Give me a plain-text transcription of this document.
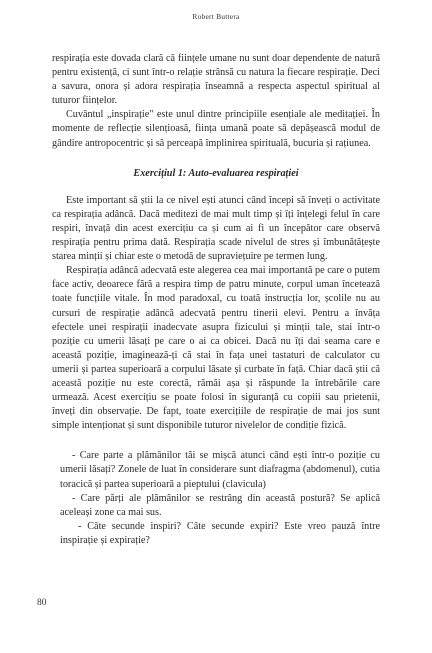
Robert Buttera

respirația este dovada clară că ființele umane nu sunt doar dependente de natură pentru existență, ci sunt într-o relație strânsă cu natura la fiecare respirație. Deci a savura, onora și adora respirația înseamnă a respecta aspectul spiritual al tuturor ființelor.

Cuvântul „inspirație" este unul dintre principiile esențiale ale meditației. În momente de reflecție silențioasă, ființa umană poate să depășească modul de gândire antropocentric și să perceapă împlinirea spirituală, bucuria și rațiunea.

Exercițiul 1: Auto-evaluarea respirației

Este important să știi la ce nivel ești atunci când începi să înveți o activitate ca respirația adâncă. Dacă meditezi de mai mult timp și îți înțelegi felul în care respiri, învață din acest exercițiu ca și cum ai fi un începător care observă respirația pentru prima dată. Respirația scade nivelul de stres și îmbunătățește starea minții și chiar este o metodă de supraviețuire pe termen lung.

Respirația adâncă adecvată este alegerea cea mai importantă pe care o putem face activ, deoarece fără a respira timp de patru minute, corpul uman încetează toate funcțiile vitale. În mod paradoxal, cu toată instrucția lor, școlile nu au cursuri de respirație adâncă adecvată pentru tinerii elevi. Pentru a învăța efectele unei respirații inadecvate asupra fizicului și minții tale, stai într-o poziție cu umerii lăsați pe care o ai ca obicei. Dacă nu îți dai seama care e această poziție, imaginează-ți că stai în fața unei tastaturi de calculator cu umerii și partea superioară a corpului lăsate și curbate în față. Chiar dacă știi că această poziție nu este corectă, rămâi așa și răspunde la întrebările care urmează. Acest exercițiu se poate folosi în siguranță cu copiii sau prietenii, înveți din observație. De fapt, toate exercițiile de respirație de mai jos sunt simple intenționat și sunt disponibile tuturor nivelelor de condiție fizică.

- Care parte a plămânilor tăi se mișcă atunci când ești într-o poziție cu umerii lăsați? Zonele de luat în considerare sunt diafragma (abdomenul), cutia toracică și partea superioară a pieptului (clavicula)

- Care părți ale plămânilor se restrâng din această postură? Se aplică aceleași zone ca mai sus.

- Câte secunde inspiri? Câte secunde expiri? Este vreo pauză între inspirație și expirație?

80
